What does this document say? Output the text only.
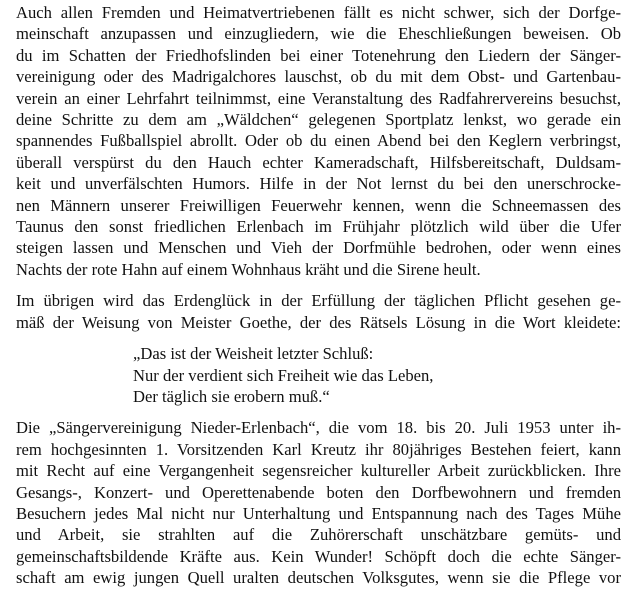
Auch allen Fremden und Heimatvertriebenen fällt es nicht schwer, sich der Dorfge-
meinschaft anzupassen und einzugliedern, wie die Eheschließungen beweisen. Ob
du im Schatten der Friedhofslinden bei einer Totenehrung den Liedern der Sänger-
vereinigung oder des Madrigalchores lauschst, ob du mit dem Obst- und Gartenbau-
verein an einer Lehrfahrt teilnimmst, eine Veranstaltung des Radfahrervereins besuchst,
deine Schritte zu dem am „Wäldchen“ gelegenen Sportplatz lenkst, wo gerade ein
spannendes Fußballspiel abrollt. Oder ob du einen Abend bei den Keglern verbringst,
überall verspürst du den Hauch echter Kameradschaft, Hilfsbereitschaft, Duldsam-
keit und unverfälschten Humors. Hilfe in der Not lernst du bei den unerschrocke-
nen Männern unserer Freiwilligen Feuerwehr kennen, wenn die Schneemassen des
Taunus den sonst friedlichen Erlenbach im Frühjahr plötzlich wild über die Ufer
steigen lassen und Menschen und Vieh der Dorfmühle bedrohen, oder wenn eines
Nachts der rote Hahn auf einem Wohnhaus kräht und die Sirene heult.

Im übrigen wird das Erdenglück in der Erfüllung der täglichen Pflicht gesehen ge-
mäß der Weisung von Meister Goethe, der des Rätsels Lösung in die Wort kleidete:

„Das ist der Weisheit letzter Schluß:
Nur der verdient sich Freiheit wie das Leben,
Der täglich sie erobern muß.“

Die „Sängervereinigung Nieder-Erlenbach“, die vom 18. bis 20. Juli 1953 unter ih-
rem hochgesinnten 1. Vorsitzenden Karl Kreutz ihr 80jähriges Bestehen feiert, kann
mit Recht auf eine Vergangenheit segensreicher kultureller Arbeit zurückblicken. Ihre
Gesangs-, Konzert- und Operettenabende boten den Dorfbewohnern und fremden
Besuchern jedes Mal nicht nur Unterhaltung und Entspannung nach des Tages Mühe
und Arbeit, sie strahlten auf die Zuhörerschaft unschätzbare gemüts- und
gemeinschaftsbildende Kräfte aus. Kein Wunder! Schöpft doch die echte Sänger-
schaft am ewig jungen Quell uralten deutschen Volksgutes, wenn sie die Pflege vor
